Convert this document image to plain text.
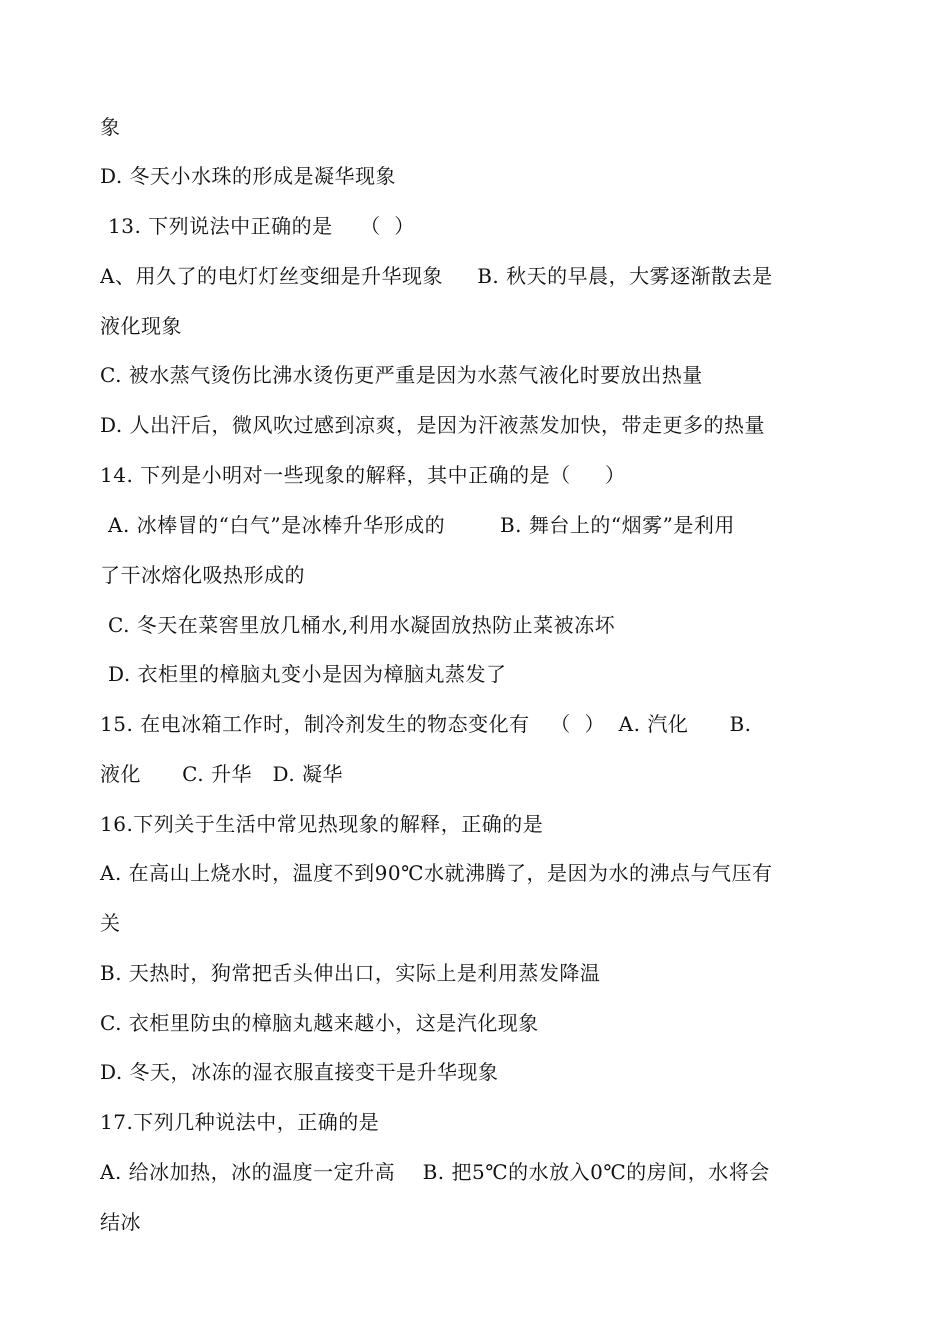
象
D. 冬天小水珠的形成是凝华现象
13. 下列说法中正确的是    （  ）
A、用久了的电灯灯丝变细是升华现象     B. 秋天的早晨，大雾逐渐散去是
液化现象
C. 被水蒸气烫伤比沸水烫伤更严重是因为水蒸气液化时要放出热量
D. 人出汗后，微风吹过感到凉爽，是因为汗液蒸发加快，带走更多的热量
14. 下列是小明对一些现象的解释，其中正确的是（     ）
A. 冰棒冒的“白气”是冰棒升华形成的        B. 舞台上的“烟雾”是利用
了干冰熔化吸热形成的
C. 冬天在菜窖里放几桶水,利用水凝固放热防止菜被冻坏
D. 衣柜里的樟脑丸变小是因为樟脑丸蒸发了
15. 在电冰箱工作时，制冷剂发生的物态变化有   （  ）  A. 汽化      B.
液化      C. 升华   D. 凝华
16.下列关于生活中常见热现象的解释，正确的是
A. 在高山上烧水时，温度不到90℃水就沸腾了，是因为水的沸点与气压有
关
B. 天热时，狗常把舌头伸出口，实际上是利用蒸发降温
C. 衣柜里防虫的樟脑丸越来越小，这是汽化现象
D. 冬天，冰冻的湿衣服直接变干是升华现象
17.下列几种说法中，正确的是
A. 给冰加热，冰的温度一定升高    B. 把5℃的水放入0℃的房间，水将会
结冰
